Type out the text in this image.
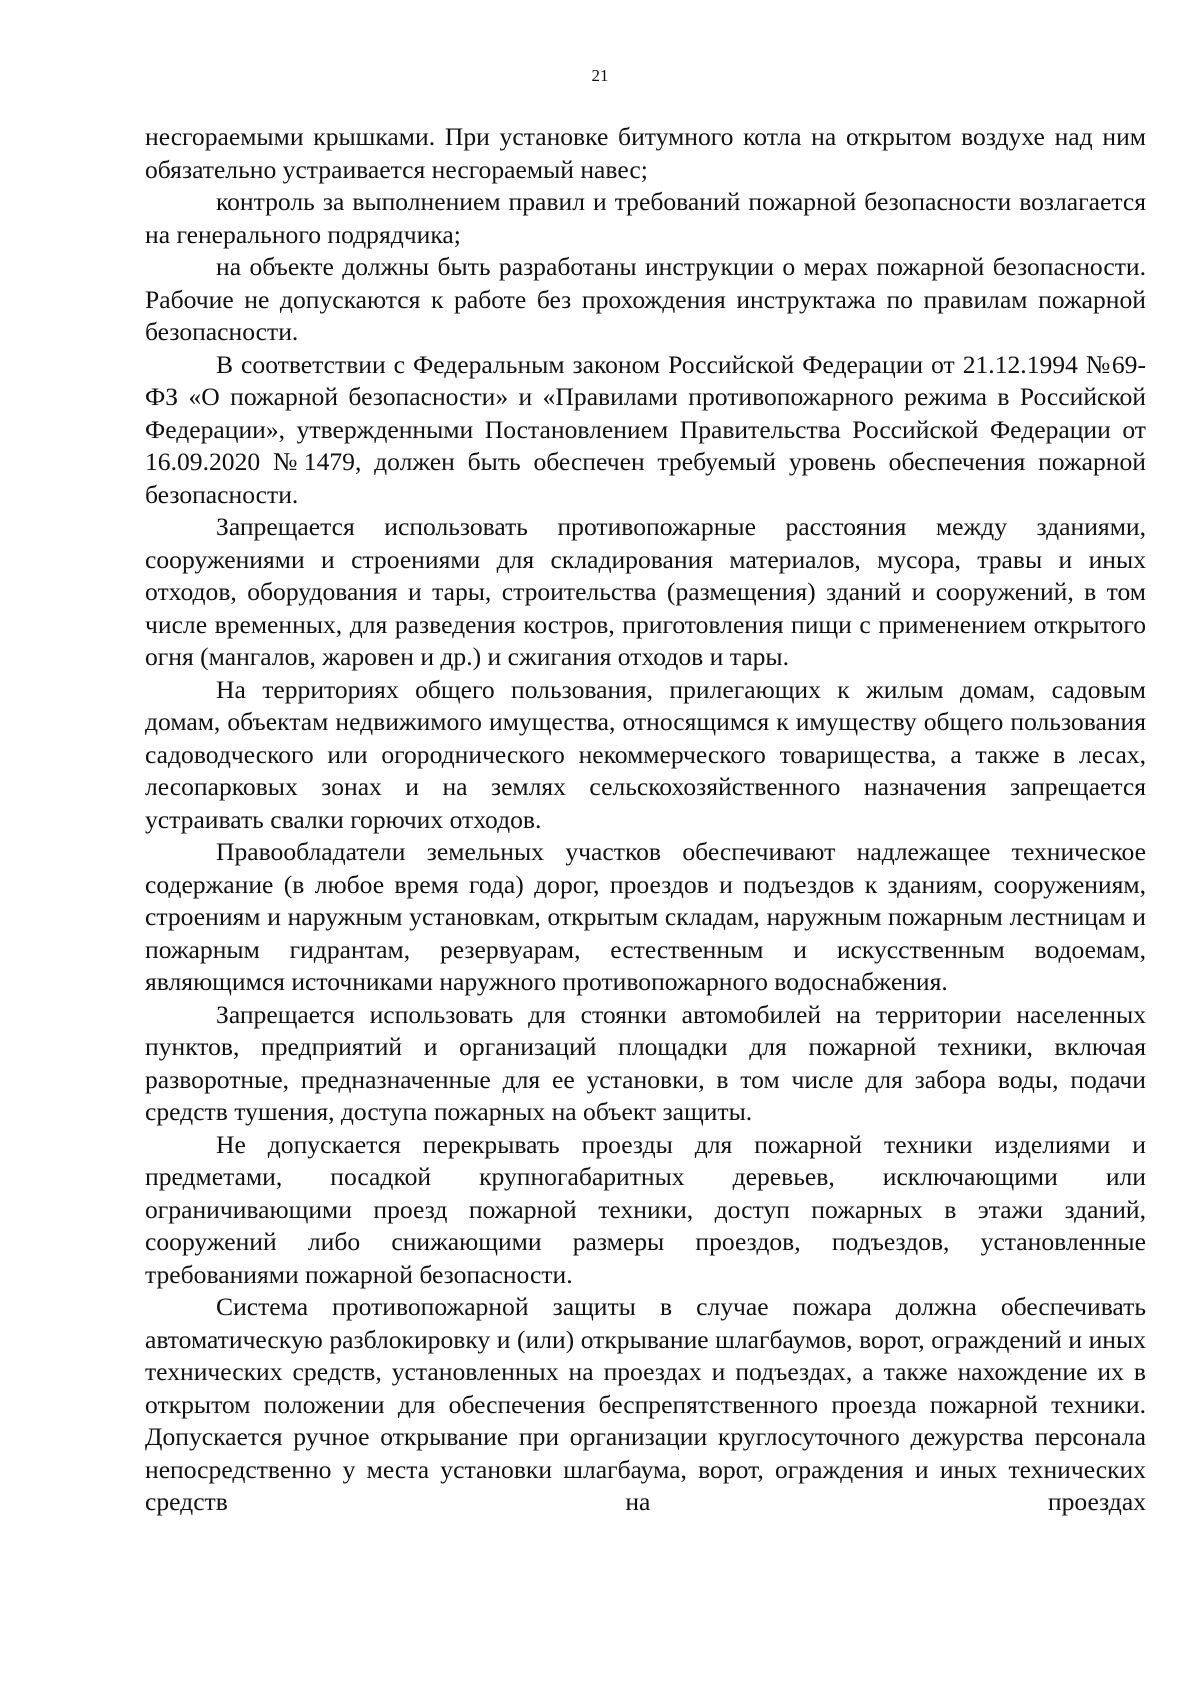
21

несгораемыми крышками. При установке битумного котла на открытом воздухе над ним обязательно устраивается несгораемый навес;

контроль за выполнением правил и требований пожарной безопасности возлагается на генерального подрядчика;

на объекте должны быть разработаны инструкции о мерах пожарной безопасности. Рабочие не допускаются к работе без прохождения инструктажа по правилам пожарной безопасности.

В соответствии с Федеральным законом Российской Федерации от 21.12.1994 №69-ФЗ «О пожарной безопасности» и «Правилами противопожарного режима в Российской Федерации», утвержденными Постановлением Правительства Российской Федерации от 16.09.2020 №1479, должен быть обеспечен требуемый уровень обеспечения пожарной безопасности.

Запрещается использовать противопожарные расстояния между зданиями, сооружениями и строениями для складирования материалов, мусора, травы и иных отходов, оборудования и тары, строительства (размещения) зданий и сооружений, в том числе временных, для разведения костров, приготовления пищи с применением открытого огня (мангалов, жаровен и др.) и сжигания отходов и тары.

На территориях общего пользования, прилегающих к жилым домам, садовым домам, объектам недвижимого имущества, относящимся к имуществу общего пользования садоводческого или огороднического некоммерческого товарищества, а также в лесах, лесопарковых зонах и на землях сельскохозяйственного назначения запрещается устраивать свалки горючих отходов.

Правообладатели земельных участков обеспечивают надлежащее техническое содержание (в любое время года) дорог, проездов и подъездов к зданиям, сооружениям, строениям и наружным установкам, открытым складам, наружным пожарным лестницам и пожарным гидрантам, резервуарам, естественным и искусственным водоемам, являющимся источниками наружного противопожарного водоснабжения.

Запрещается использовать для стоянки автомобилей на территории населенных пунктов, предприятий и организаций площадки для пожарной техники, включая разворотные, предназначенные для ее установки, в том числе для забора воды, подачи средств тушения, доступа пожарных на объект защиты.

Не допускается перекрывать проезды для пожарной техники изделиями и предметами, посадкой крупногабаритных деревьев, исключающими или ограничивающими проезд пожарной техники, доступ пожарных в этажи зданий, сооружений либо снижающими размеры проездов, подъездов, установленные требованиями пожарной безопасности.

Система противопожарной защиты в случае пожара должна обеспечивать автоматическую разблокировку и (или) открывание шлагбаумов, ворот, ограждений и иных технических средств, установленных на проездах и подъездах, а также нахождение их в открытом положении для обеспечения беспрепятственного проезда пожарной техники. Допускается ручное открывание при организации круглосуточного дежурства персонала непосредственно у места установки шлагбаума, ворот, ограждения и иных технических средств на проездах
